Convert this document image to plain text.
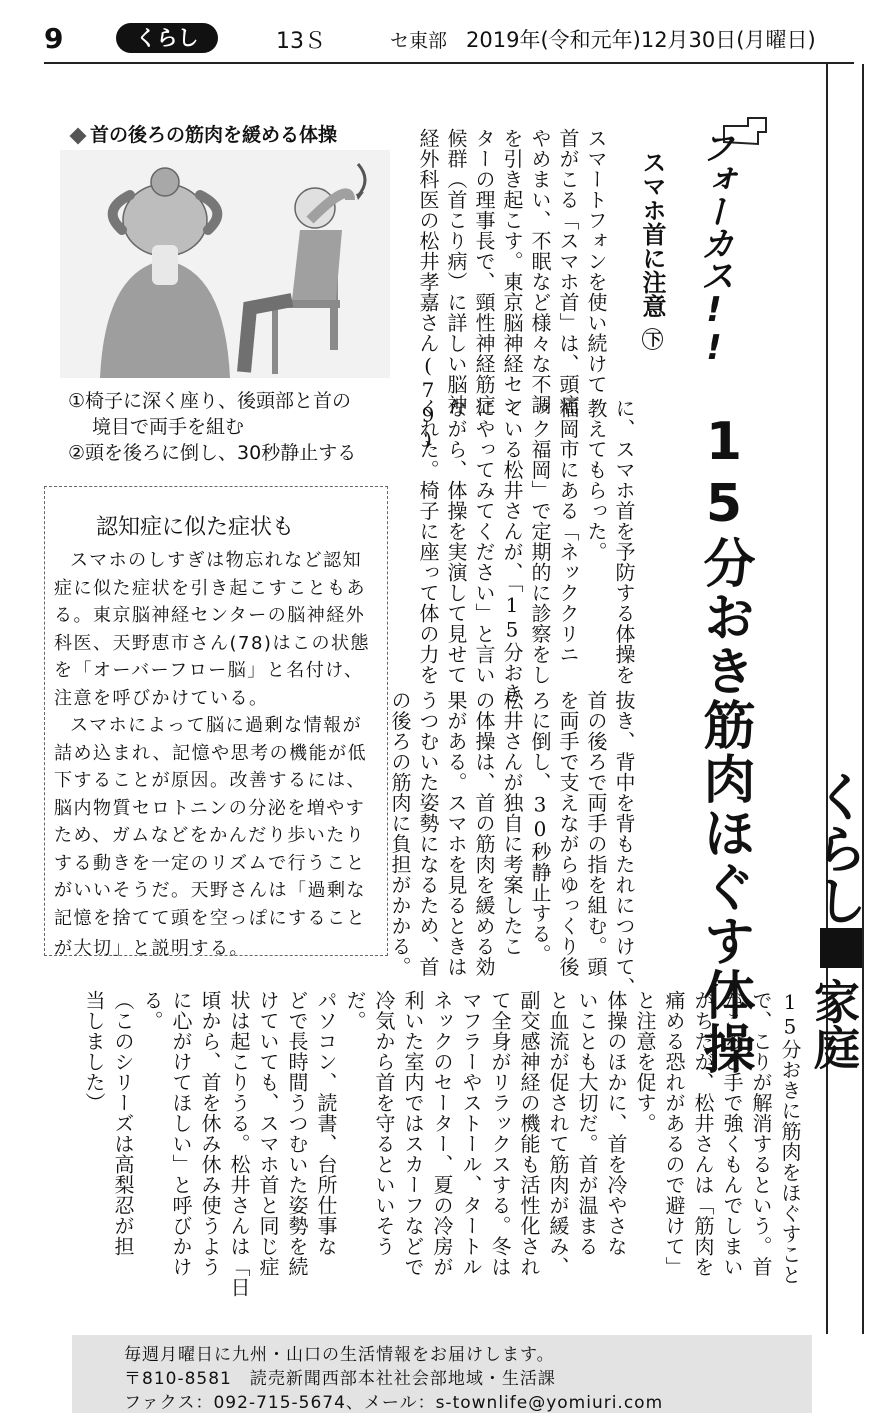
9	くらし	13Ｓ	セ東部 2019年(令和元年)12月30日(月曜日)
くらし
家庭
フォーカス!!
スマホ首に注意下
15分おき筋肉ほぐす体操
スマートフォンを使い続けて
首がこる「スマホ首」は、頭痛
やめまい、不眠など様々な不調
を引き起こす。東京脳神経セン
ターの理事長で、頸性神経筋症
候群（首こり病）に詳しい脳神
経外科医の松井孝嘉さん(79)
に、スマホ首を予防する体操を
教えてもらった。
福岡市にある「ネッククリニ
ック福岡」で定期的に診察をし
ている松井さんが、「15分おき
にやってみてください」と言い
ながら、体操を実演して見せて
くれた。椅子に座って体の力を
抜き、背中を背もたれにつけて、
首の後ろで両手の指を組む。頭
を両手で支えながらゆっくり後
ろに倒し、30秒静止する。
松井さんが独自に考案したこ
の体操は、首の筋肉を緩める効
果がある。スマホを見るときは
うつむいた姿勢になるため、首
の後ろの筋肉に負担がかかる。
15分おきに筋肉をほぐすこと
で、こりが解消するという。首
がこると手で強くもんでしまい
がちだが、松井さんは「筋肉を
痛める恐れがあるので避けて」
と注意を促す。
体操のほかに、首を冷やさな
いことも大切だ。首が温まる
と血流が促されて筋肉が緩み、
副交感神経の機能も活性化され
て全身がリラックスする。冬は
マフラーやストール、タートル
ネックのセーター、夏の冷房が
利いた室内ではスカーフなどで
冷気から首を守るといいそう
だ。
パソコン、読書、台所仕事な
どで長時間うつむいた姿勢を続
けていても、スマホ首と同じ症
状は起こりうる。松井さんは「日
頃から、首を休み休み使うよう
に心がけてほしい」と呼びかけ
る。
（このシリーズは高梨忍が担
当しました）
首の後ろの筋肉を緩める体操
①椅子に深く座り、後頭部と首の
境目で両手を組む
②頭を後ろに倒し、30秒静止する
認知症に似た症状も
スマホのしすぎは物忘れなど認知
症に似た症状を引き起こすこともあ
る。東京脳神経センターの脳神経外
科医、天野恵市さん(78)はこの状態
を「オーバーフロー脳」と名付け、
注意を呼びかけている。
スマホによって脳に過剰な情報が
詰め込まれ、記憶や思考の機能が低
下することが原因。改善するには、
脳内物質セロトニンの分泌を増やす
ため、ガムなどをかんだり歩いたり
する動きを一定のリズムで行うこと
がいいそうだ。天野さんは「過剰な
記憶を捨てて頭を空っぽにすること
が大切」と説明する。
毎週月曜日に九州・山口の生活情報をお届けします。
〒810-8581　読売新聞西部本社社会部地域・生活課
ファクス：092-715-5674、メール：s-townlife@yomiuri.com
